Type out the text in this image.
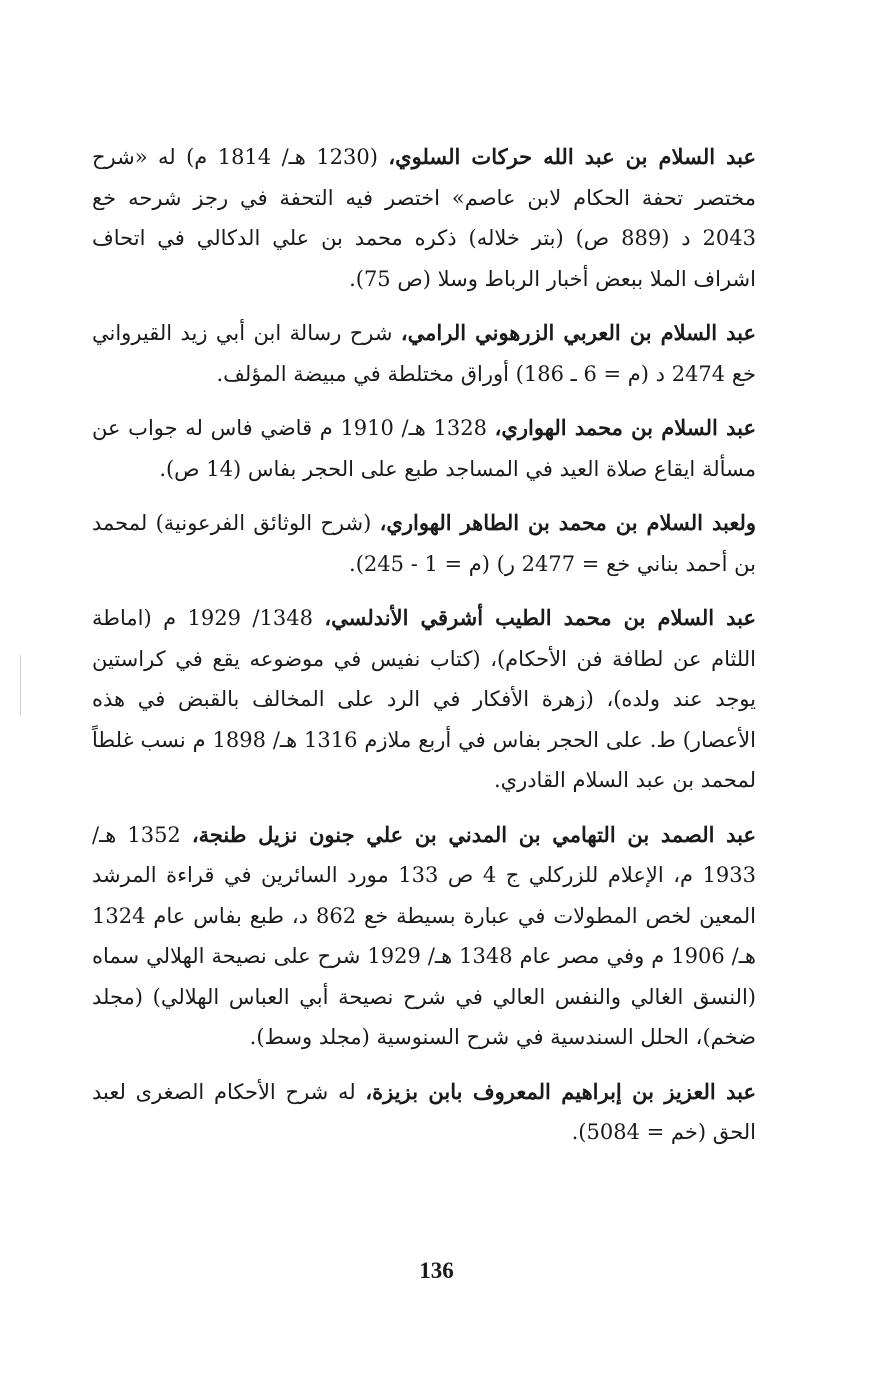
عبد السلام بن عبد الله حركات السلوي، (1230 هـ/ 1814 م) له «شرح مختصر تحفة الحكام لابن عاصم» اختصر فيه التحفة في رجز شرحه خع 2043 د (889 ص) (بتر خلاله) ذكره محمد بن علي الدكالي في اتحاف اشراف الملا ببعض أخبار الرباط وسلا (ص 75).

عبد السلام بن العربي الزرهوني الرامي، شرح رسالة ابن أبي زيد القيرواني خع 2474 د (م = 6 ـ 186) أوراق مختلطة في مبيضة المؤلف.

عبد السلام بن محمد الهواري، 1328 هـ/ 1910 م قاضي فاس له جواب عن مسألة ايقاع صلاة العيد في المساجد طبع على الحجر بفاس (14 ص).

ولعبد السلام بن محمد بن الطاهر الهواري، (شرح الوثائق الفرعونية) لمحمد بن أحمد بناني خع = 2477 ر) (م = 1 - 245).

عبد السلام بن محمد الطيب أشرقي الأندلسي، 1348/ 1929 م (اماطة اللثام عن لطافة فن الأحكام)، (كتاب نفيس في موضوعه يقع في كراستين يوجد عند ولده)، (زهرة الأفكار في الرد على المخالف بالقبض في هذه الأعصار) ط. على الحجر بفاس في أربع ملازم 1316 هـ/ 1898 م نسب غلطاً لمحمد بن عبد السلام القادري.

عبد الصمد بن التهامي بن المدني بن علي جنون نزيل طنجة، 1352 هـ/ 1933 م، الإعلام للزركلي ج 4 ص 133 مورد السائرين في قراءة المرشد المعين لخص المطولات في عبارة بسيطة خع 862 د، طبع بفاس عام 1324 هـ/ 1906 م وفي مصر عام 1348 هـ/ 1929 شرح على نصيحة الهلالي سماه (النسق الغالي والنفس العالي في شرح نصيحة أبي العباس الهلالي) (مجلد ضخم)، الحلل السندسية في شرح السنوسية (مجلد وسط).

عبد العزيز بن إبراهيم المعروف بابن بزيزة، له شرح الأحكام الصغرى لعبد الحق (خم = 5084).

136
